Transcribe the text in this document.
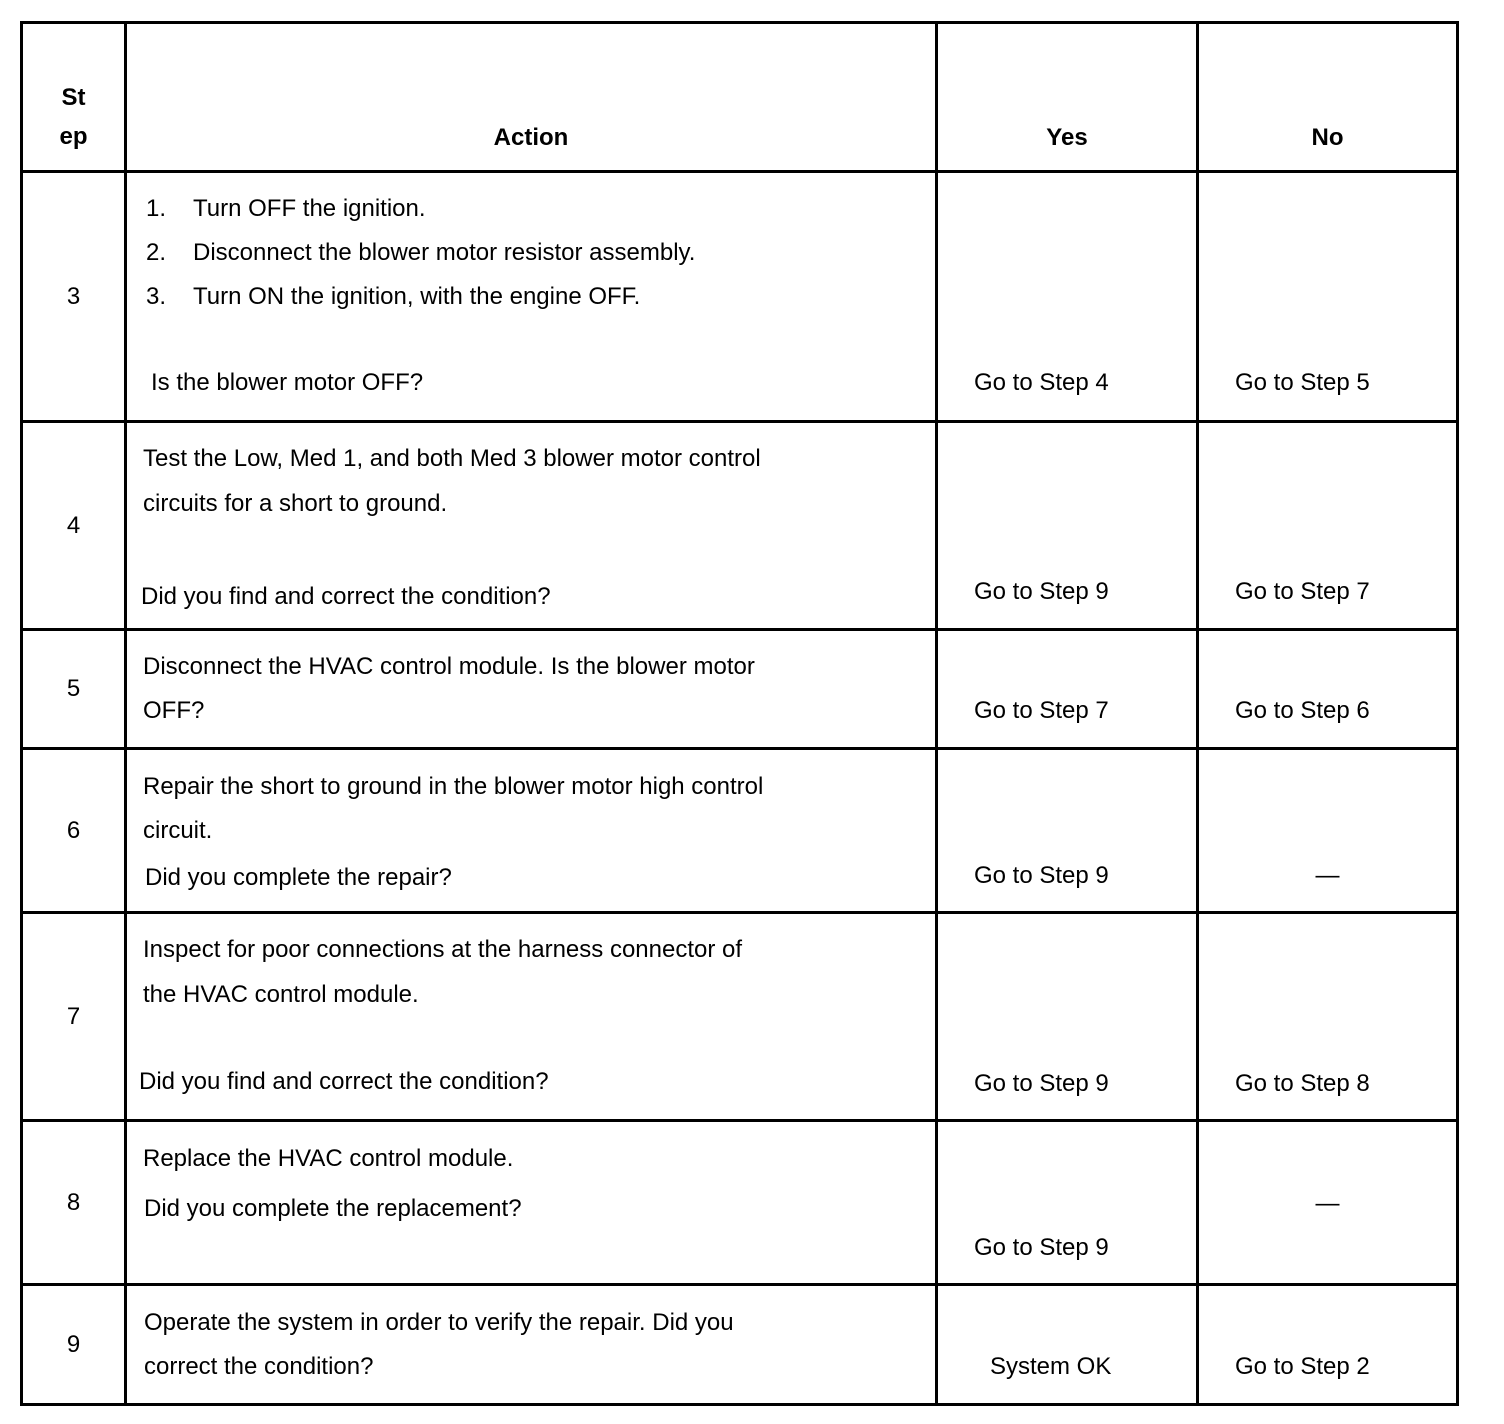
St
ep	Action	Yes	No
3	1. Turn OFF the ignition.
2. Disconnect the blower motor resistor assembly.
3. Turn ON the ignition, with the engine OFF.
Is the blower motor OFF?	Go to Step 4	Go to Step 5

4	Test the Low, Med 1, and both Med 3 blower motor control
circuits for a short to ground.
Did you find and correct the condition?	Go to Step 9	Go to Step 7

5	Disconnect the HVAC control module. Is the blower motor
OFF?	Go to Step 7	Go to Step 6

6	Repair the short to ground in the blower motor high control
circuit.
Did you complete the repair?	Go to Step 9	—

7	Inspect for poor connections at the harness connector of
the HVAC control module.
Did you find and correct the condition?	Go to Step 9	Go to Step 8

8	Replace the HVAC control module.
Did you complete the replacement?	Go to Step 9	—

9	Operate the system in order to verify the repair. Did you
correct the condition?	System OK	Go to Step 2
